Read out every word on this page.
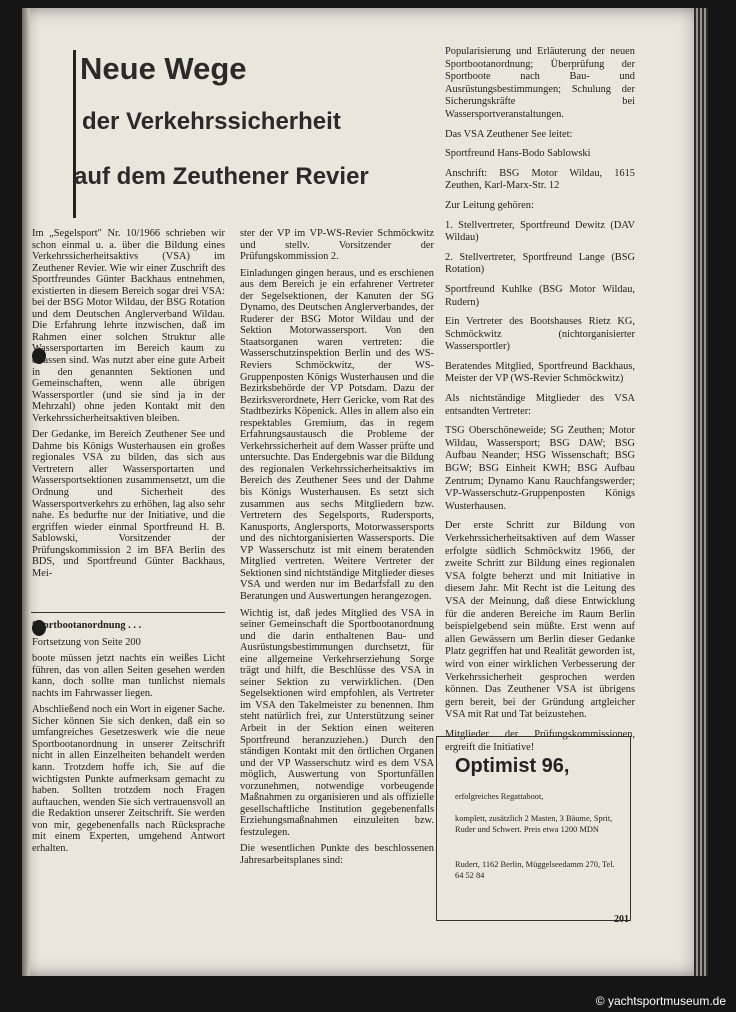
Neue Wege
der Verkehrssicherheit
auf dem Zeuthener Revier

Im „Segelsport" Nr. 10/1966 schrieben wir schon einmal u. a. über die Bildung eines Verkehrssicherheitsaktivs (VSA) im Zeuthener Revier. Wie wir einer Zuschrift des Sportfreundes Günter Backhaus entnehmen, existierten in diesem Bereich sogar drei VSA: bei der BSG Motor Wildau, der BSG Rotation und dem Deutschen Anglerverband Wildau. Die Erfahrung lehrte inzwischen, daß im Rahmen einer solchen Struktur alle Wassersportarten im Bereich kaum zu erfassen sind. Was nutzt aber eine gute Arbeit in den genannten Sektionen und Gemeinschaften, wenn alle übrigen Wassersportler (und sie sind ja in der Mehrzahl) ohne jeden Kontakt mit den Verkehrssicherheitsaktiven bleiben.

Der Gedanke, im Bereich Zeuthener See und Dahme bis Königs Wusterhausen ein großes regionales VSA zu bilden, das sich aus Vertretern aller Wassersportarten und Wassersportsektionen zusammensetzt, um die Ordnung und Sicherheit des Wassersportverkehrs zu erhöhen, lag also sehr nahe. Es bedurfte nur der Initiative, und die ergriffen wieder einmal Sportfreund H. B. Sablowski, Vorsitzender der Prüfungskommission 2 im BFA Berlin des BDS, und Sportfreund Günter Backhaus, Mei-

Sportbootanordnung . . .

Fortsetzung von Seite 200

boote müssen jetzt nachts ein weißes Licht führen, das von allen Seiten gesehen werden kann, doch sollte man tunlichst niemals nachts im Fahrwasser liegen.

Abschließend noch ein Wort in eigener Sache. Sicher können Sie sich denken, daß ein so umfangreiches Gesetzeswerk wie die neue Sportbootanordnung in unserer Zeitschrift nicht in allen Einzelheiten behandelt werden kann. Trotzdem hoffe ich, Sie auf die wichtigsten Punkte aufmerksam gemacht zu haben. Sollten trotzdem noch Fragen auftauchen, wenden Sie sich vertrauensvoll an die Redaktion unserer Zeitschrift. Sie werden von mir, gegebenenfalls nach Rücksprache mit einem Experten, umgehend Antwort erhalten.

ster der VP im VP-WS-Revier Schmöckwitz und stellv. Vorsitzender der Prüfungskommission 2.

Einladungen gingen heraus, und es erschienen aus dem Bereich je ein erfahrener Vertreter der Segelsektionen, der Kanuten der SG Dynamo, des Deutschen Anglerverbandes, der Ruderer der BSG Motor Wildau und der Sektion Motorwassersport. Von den Staatsorganen waren vertreten: die Wasserschutzinspektion Berlin und des WS-Reviers Schmöckwitz, der WS-Gruppenposten Königs Wusterhausen und die Bezirksbehörde der VP Potsdam. Dazu der Bezirksverordnete, Herr Gericke, vom Rat des Stadtbezirks Köpenick. Alles in allem also ein respektables Gremium, das in regem Erfahrungsaustausch die Probleme der Verkehrssicherheit auf dem Wasser prüfte und untersuchte. Das Endergebnis war die Bildung des regionalen Verkehrssicherheitsaktivs im Bereich des Zeuthener Sees und der Dahme bis Königs Wusterhausen. Es setzt sich zusammen aus sechs Mitgliedern bzw. Vertretern des Segelsports, Rudersports, Kanusports, Anglersports, Motorwassersports und des nichtorganisierten Wassersports. Die VP Wasserschutz ist mit einem beratenden Mitglied vertreten. Weitere Vertreter der Sektionen sind nichtständige Mitglieder dieses VSA und werden nur im Bedarfsfall zu den Beratungen und Auswertungen herangezogen.

Wichtig ist, daß jedes Mitglied des VSA in seiner Gemeinschaft die Sportbootanordnung und die darin enthaltenen Bau- und Ausrüstungsbestimmungen durchsetzt, für eine allgemeine Verkehrserziehung Sorge trägt und hilft, die Beschlüsse des VSA in seiner Sektion zu verwirklichen. (Den Segelsektionen wird empfohlen, als Vertreter im VSA den Takelmeister zu benennen. Ihm steht natürlich frei, zur Unterstützung seiner Arbeit in der Sektion einen weiteren Sportfreund heranzuziehen.) Durch den ständigen Kontakt mit den örtlichen Organen und der VP Wasserschutz wird es dem VSA möglich, Auswertung von Sportunfällen vorzunehmen, notwendige vorbeugende Maßnahmen zu organisieren und als offizielle gesellschaftliche Institution gegebenenfalls Erziehungsmaßnahmen einzuleiten bzw. festzulegen.

Die wesentlichen Punkte des beschlossenen Jahresarbeitsplanes sind:

Popularisierung und Erläuterung der neuen Sportbootanordnung; Überprüfung der Sportboote nach Bau- und Ausrüstungsbestimmungen; Schulung der Sicherungskräfte bei Wassersportveranstaltungen.

Das VSA Zeuthener See leitet:

Sportfreund Hans-Bodo Sablowski

Anschrift: BSG Motor Wildau, 1615 Zeuthen, Karl-Marx-Str. 12

Zur Leitung gehören:

1. Stellvertreter, Sportfreund Dewitz (DAV Wildau)

2. Stellvertreter, Sportfreund Lange (BSG Rotation)

Sportfreund Kuhlke (BSG Motor Wildau, Rudern)

Ein Vertreter des Bootshauses Rietz KG, Schmöckwitz (nichtorganisierter Wassersportler)

Beratendes Mitglied, Sportfreund Backhaus, Meister der VP (WS-Revier Schmöckwitz)

Als nichtständige Mitglieder des VSA entsandten Vertreter:

TSG Oberschöneweide; SG Zeuthen; Motor Wildau, Wassersport; BSG DAW; BSG Aufbau Neander; HSG Wissenschaft; BSG BGW; BSG Einheit KWH; BSG Aufbau Zentrum; Dynamo Kanu Rauchfangswerder; VP-Wasserschutz-Gruppenposten Königs Wusterhausen.

Der erste Schritt zur Bildung von Verkehrssicherheitsaktiven auf dem Wasser erfolgte südlich Schmöckwitz 1966, der zweite Schritt zur Bildung eines regionalen VSA folgte beherzt und mit Initiative in diesem Jahr. Mit Recht ist die Leitung des VSA der Meinung, daß diese Entwicklung für die anderen Bereiche im Raum Berlin beispielgebend sein müßte. Erst wenn auf allen Gewässern um Berlin dieser Gedanke Platz gegriffen hat und Realität geworden ist, wird von einer wirklichen Verbesserung der Verkehrssicherheit gesprochen werden können. Das Zeuthener VSA ist übrigens gern bereit, bei der Gründung artgleicher VSA mit Rat und Tat beizustehen.

Mitglieder der Prüfungskommissionen, ergreift die Initiative!

Optimist 96,
erfolgreiches Regattaboot,
komplett, zusätzlich 2 Masten, 3 Bäume, Sprit, Ruder und Schwert. Preis etwa 1200 MDN
Rudert, 1162 Berlin, Müggelseedamm 270, Tel. 64 52 84
201
© yachtsportmuseum.de
